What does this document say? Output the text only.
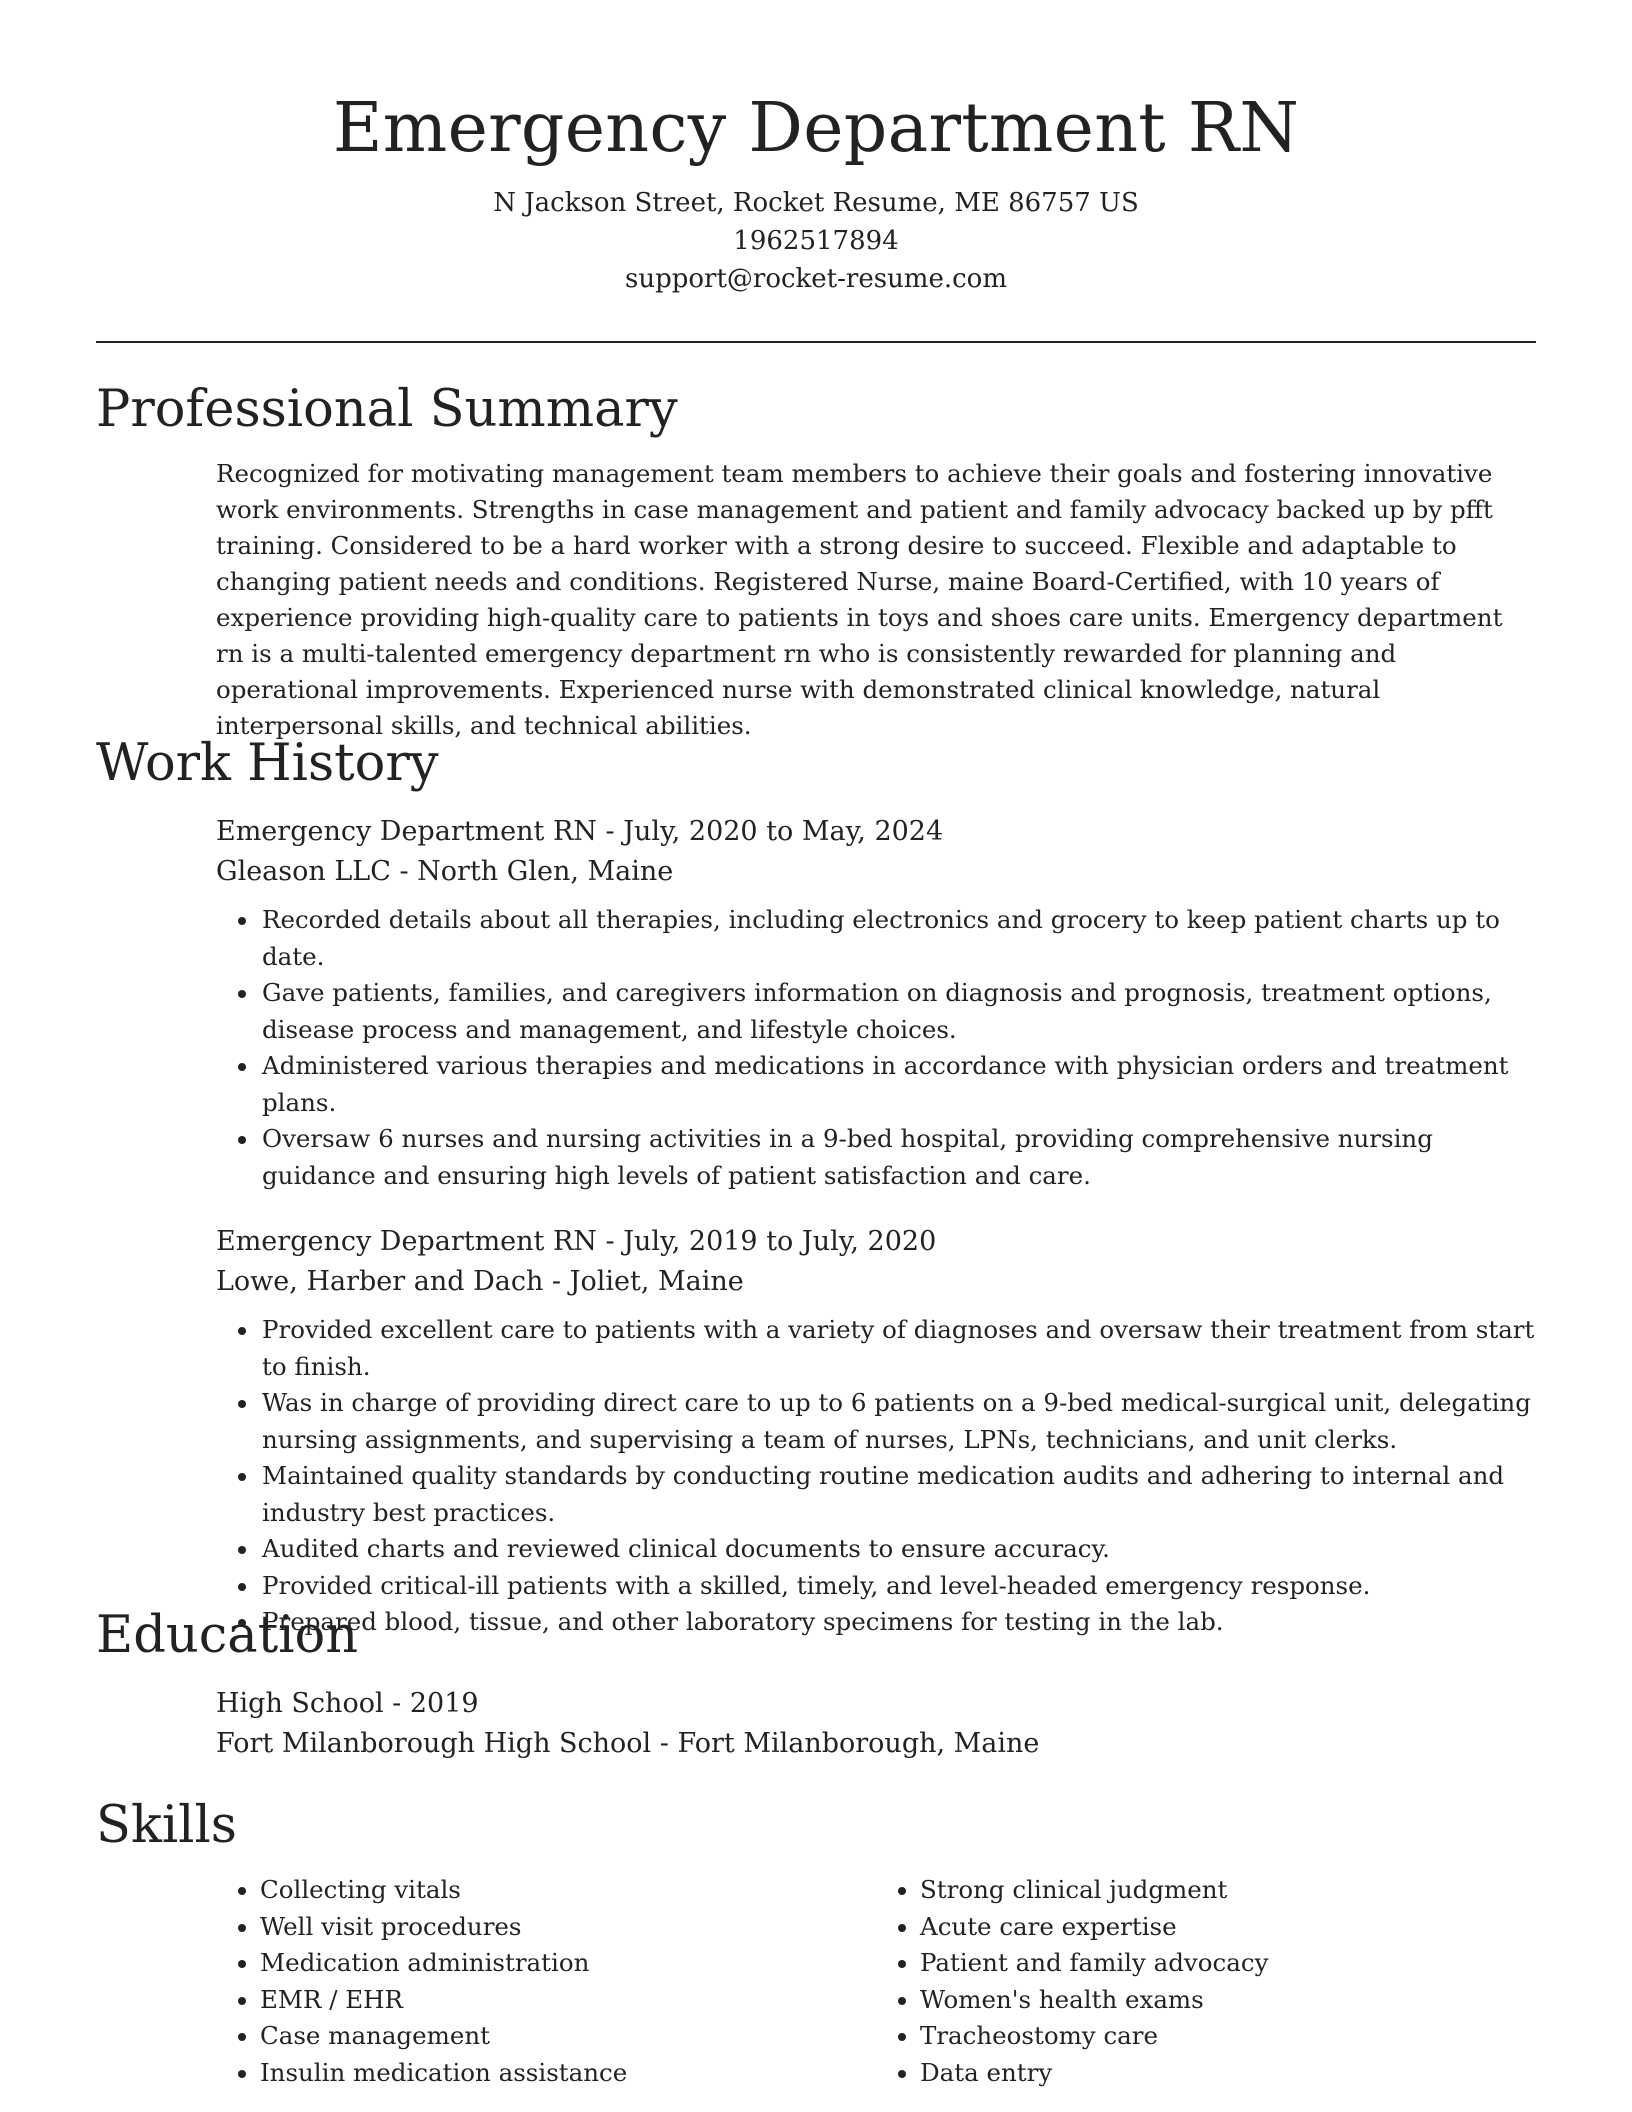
Emergency Department RN
N Jackson Street, Rocket Resume, ME 86757 US
1962517894
support@rocket-resume.com
Professional Summary
Recognized for motivating management team members to achieve their goals and fostering innovative work environments. Strengths in case management and patient and family advocacy backed up by pfft training. Considered to be a hard worker with a strong desire to succeed. Flexible and adaptable to changing patient needs and conditions. Registered Nurse, maine Board-Certified, with 10 years of experience providing high-quality care to patients in toys and shoes care units. Emergency department rn is a multi-talented emergency department rn who is consistently rewarded for planning and operational improvements. Experienced nurse with demonstrated clinical knowledge, natural interpersonal skills, and technical abilities.
Work History
Emergency Department RN - July, 2020 to May, 2024
Gleason LLC - North Glen, Maine
• Recorded details about all therapies, including electronics and grocery to keep patient charts up to date.
• Gave patients, families, and caregivers information on diagnosis and prognosis, treatment options, disease process and management, and lifestyle choices.
• Administered various therapies and medications in accordance with physician orders and treatment plans.
• Oversaw 6 nurses and nursing activities in a 9-bed hospital, providing comprehensive nursing guidance and ensuring high levels of patient satisfaction and care.
Emergency Department RN - July, 2019 to July, 2020
Lowe, Harber and Dach - Joliet, Maine
• Provided excellent care to patients with a variety of diagnoses and oversaw their treatment from start to finish.
• Was in charge of providing direct care to up to 6 patients on a 9-bed medical-surgical unit, delegating nursing assignments, and supervising a team of nurses, LPNs, technicians, and unit clerks.
• Maintained quality standards by conducting routine medication audits and adhering to internal and industry best practices.
• Audited charts and reviewed clinical documents to ensure accuracy.
• Provided critical-ill patients with a skilled, timely, and level-headed emergency response.
• Prepared blood, tissue, and other laboratory specimens for testing in the lab.
Education
High School - 2019
Fort Milanborough High School - Fort Milanborough, Maine
Skills
• Collecting vitals
• Well visit procedures
• Medication administration
• EMR / EHR
• Case management
• Insulin medication assistance
• Strong clinical judgment
• Acute care expertise
• Patient and family advocacy
• Women's health exams
• Tracheostomy care
• Data entry
